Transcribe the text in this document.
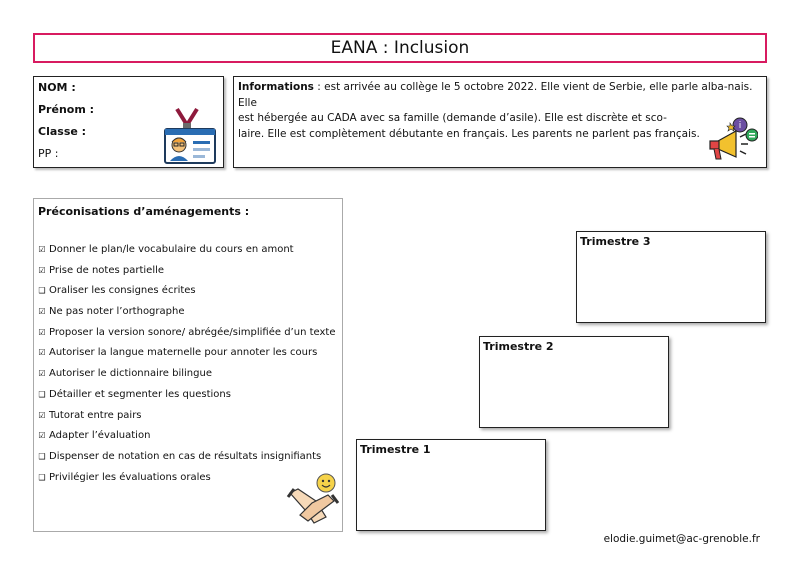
EANA : Inclusion
NOM :
Prénom :
Classe :
PP :
Informations : est arrivée au collège le 5 octobre 2022. Elle vient de Serbie, elle parle alba-nais. Elle
est hébergée au CADA avec sa famille (demande d’asile). Elle est discrète et sco-
laire. Elle est complètement débutante en français. Les parents ne parlent pas français.
i
Préconisations d’aménagements :
☑ Donner le plan/le vocabulaire du cours en amont
☑ Prise de notes partielle
❑ Oraliser les consignes écrites
☑ Ne pas noter l’orthographe
☑ Proposer la version sonore/ abrégée/simplifiée d’un texte
☑ Autoriser la langue maternelle pour annoter les cours
☑ Autoriser le dictionnaire bilingue
❑ Détailler et segmenter les questions
☑ Tutorat entre pairs
☑ Adapter l’évaluation
❑ Dispenser de notation en cas de résultats insignifiants
❑ Privilégier les évaluations orales
Trimestre 3
Trimestre 2
Trimestre 1
elodie.guimet@ac-grenoble.fr
